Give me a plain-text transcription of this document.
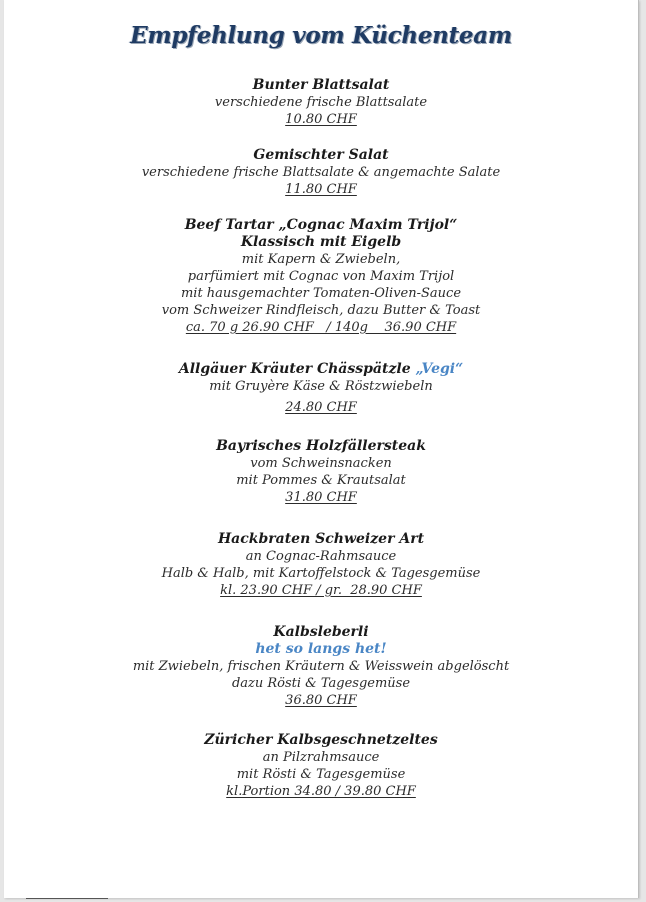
Empfehlung vom Küchenteam
Bunter Blattsalat
verschiedene frische Blattsalate
10.80 CHF
Gemischter Salat
verschiedene frische Blattsalate & angemachte Salate
11.80 CHF
Beef Tartar „Cognac Maxim Trijol“
Klassisch mit Eigelb
mit Kapern & Zwiebeln,
parfümiert mit Cognac von Maxim Trijol
mit hausgemachter Tomaten-Oliven-Sauce
vom Schweizer Rindfleisch, dazu Butter & Toast
ca. 70 g 26.90 CHF   / 140g    36.90 CHF
Allgäuer Kräuter Chässpätzle „Vegi“
mit Gruyère Käse & Röstzwiebeln
24.80 CHF
Bayrisches Holzfällersteak
vom Schweinsnacken
mit Pommes & Krautsalat
31.80 CHF
Hackbraten Schweizer Art
an Cognac-Rahmsauce
Halb & Halb, mit Kartoffelstock & Tagesgemüse
kl. 23.90 CHF / gr.  28.90 CHF
Kalbsleberli
het so langs het!
mit Zwiebeln, frischen Kräutern & Weisswein abgelöscht
dazu Rösti & Tagesgemüse
36.80 CHF
Züricher Kalbsgeschnetzeltes
an Pilzrahmsauce
mit Rösti & Tagesgemüse
kl.Portion 34.80 / 39.80 CHF
